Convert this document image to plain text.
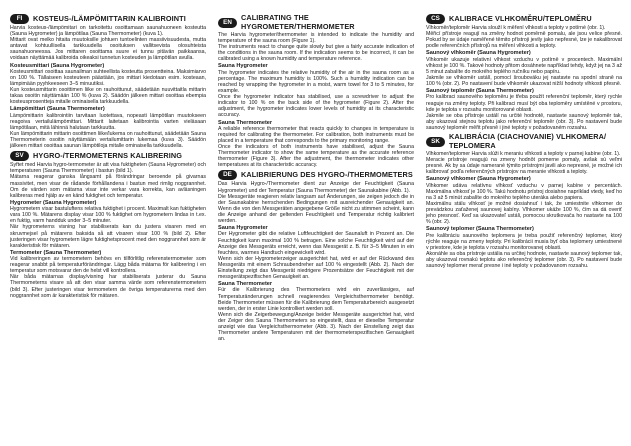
FI	KOSTEUS-/LÄMPÖMITTARIN KALIBROINTI

Harvia kosteus-/lämpömitari on tarkoitettu osoittamaan saunahuoneen kosteutta (Sauna Hygrometer) ja lämpötilaa (Sauna Thermometer) (kuva 1).

Mittarit ovat melko hitaita muutoksille johtuen tuntoelinten massiivisuudesta, mutta antavat kohtuullisella tarkkuudella osoituksen vallitsevista olosuhteista saunahuoneessa. Jos mittaren osoittama suure ei tunnu pitävän paikkaansa, voidaan näyttämää kalibroida oikeaksi tunnetun kosteuden ja lämpötilan avulla.

Kosteusmittari (Sauna Hygrometer)

Kosteusmittari osoittaa saunailman suhteellista kosteutta prosentteina. Maksimiarvo on 100 %. Tällaiseen kosteuteen päästään, jos mittari kiedotaan esim. kosteaan, lämpimään pyyhkeeseen 3–5 minuutiksi.

Kun kosteusmittarin osoittimen liike on rauhoittunut, säädetään nuuvittaitla mittarin takaa osoitin näyttämään 100 % (kuva 2). Säädön jälkeen mittari osoittaa ebempia kosteusprosentteja mitalle ominaisella tarkkuudella.

Lämpömittari (Sauna Thermometer)

Lämpömittarin kalibrointiin tarvitaan luotettava, nopeasti lämpötilan muutokseen reagoiva vertailulämpömittari. Mittarit laitetaan kalibrointia varten vieläsaan lämpötilaan, mitä lähinnä halutaan tarkkuutta.

Kun lämpömittarin mittarin osoittimen liike/lukema on rauhoittunut, säädetään Sauna Thermometerin osoitin näyttämään vertailumittarin lukemaa (kuva 3). Säädön jälkeen mittari osoittaa saunan lämpötiloja mitalle ominaisella tarkkuudella.

SV	HYGRO-/TERMOMETERNS KALIBRERING

Syftet med Harvia hygro-termometer är att visa fuktigheten (Sauna Hygrometer) och temperaturen (Sauna Thermometer) i bastun (bild 1).

Mätarna reagerar ganska långsamt på förändringar beroende på givarnas massivitet, men visar de rådande förhållandena i bastun med rimlig noggrannhet. Om de värden som mätarna visar inte verkar vara korrekta, kan avläsningen kalibreras med hjälp av en känd fuktighet och temperatur.

Hygrometer (Sauna Hygrometer)

Hygrometern visar bastuluftens relativa fuktighet i procent. Maximalt kan fuktigheten vara 100 %. Mätarens display visar 100 % fuktighet om hygrometern lindas in t.ex. en fuktig, varm handduk under 3–5 minuter.

När hygrometerns visning har stabiliserats kan du justera visaren med en skruvmejsel på mätarens baksida så att visaren visar 100 % (bild 2). Efter justeringen visar hygrometern lägre fuktighetsprocent med den noggrannhet som är karakteristisk för mätaren.

Termometer (Sauna Thermometer)

Vid kalibreringen av termometern behövs en tillförlitlig referenstermometer som reagerar snabbt på temperaturförändringar. Lägg båda mätarna för kalibrering i en temperatur som motsvarar den de helst vill kontrollera.

När båda mätarnas display/visning har stabiliserats justerar du Sauna Thermometerns visare så att den visar samma värde som referenstermometern (bild 3). Efter justeringen visar termometern de övriga temperaturerna med den noggrannhet som är karakteristisk för mätaren.

EN	CALIBRATING THE HYGROMETER/THERMOMETER

The Harvia hygrometer/thermometer is intended to indicate the humidity and temperature of the sauna room (Figure 1).

The instruments react to change quite slowly but give a fairly accurate indication of the conditions in the sauna room. If the indication seems to be incorrect, it can be calibrated using a known humidity and temperature reference.

Sauna Hygrometer

The hygrometer indicates the relative humidity of the air in the sauna room as a percentage. The maximum humidity is 100%. Such a humidity indication can be reached by wrapping the hygrometer in a moist, warm towel for 3 to 5 minutes, for example.

Once the hygrometer indicator has stabilised, use a screwdriver to adjust the indicator to 100 % on the back side of the hygrometer (Figure 2). After the adjustment, the hygrometer indicates lower levels of humidity at its characteristic accuracy.

Sauna Thermometer

A reliable reference thermometer that reacts quickly to changes in temperature is required for calibrating the thermometer. For calibration, both instruments must be placed in a temperature that corresponds to the primary monitoring range.

Once the indicators of both instruments have stabilised, adjust the Sauna Thermometer indicator to show the same temperature as the accurate reference thermometer (Figure 3). After the adjustment, the thermometer indicates other temperatures at its characteristic accuracy.

DE	KALIBRIERUNG DES HYGRO-/THERMOMETERS

Das Harvia Hygro-/Thermometer dient zur Anzeige der Feuchtigkeit (Sauna Hygrometer) und der Temperatur (Sauna Thermometer) der Saunakabine (Abb. 1).

Die Messgeräte reagieren relativ langsam auf Änderungen, sie zeigen jedoch die in der Saunakabine herrschenden Bedingungen mit ausreichender Genauigkeit an. Wenn die von den Messgeräten angegebene Größe nicht zu stimmen scheint, kann die Anzeige anhand der geltenden Feuchtigkeit und Temperatur richtig kalibriert werden.

Sauna Hygrometer

Der Hygrometer gibt die relative Luftfeuchtigkeit der Saunaluft in Prozent an. Die Feuchtigkeit kann maximal 100 % betragen. Eine solche Feuchtigkeit wird auf der Anzeige des Messgeräts erreicht, wenn das Messgerät z. B. für 3–5 Minuten in ein feuchtes, warmes Handtuch eingewickelt wird.

Wenn sich der Hygrometerzeiger ausgerichtet hat, wird er auf der Rückwand des Messgeräts mit einem Schraubendreher auf 100 % eingestellt (Abb. 2). Nach der Einstellung zeigt das Messgerät niedrigere Prozentsätze der Feuchtigkeit mit der messgerätspezifischen Genauigkeit an.

Sauna Thermometer

Für die Kalibrierung des Thermometers wird ein zuverlässiges, auf Temperaturänderungen schnell reagierendes Vergleichsthermometer benötigt. Beide Thermometer müssen für die Kalibrierung dem Temperaturbereich ausgesetzt werden, der in erster Linie kontrolliert werden soll.

Wenn sich die Zeigerbewegung/Anzeige beider Messgeräte ausgerichtet hat, wird der Zeiger des Sauna Thermometers so eingestellt, dass er dieselbe Temperatur anzeigt wie das Vergleichsthermometer (Abb. 3). Nach der Einstellung zeigt das Thermometer andere Temperaturen mit der thermometerspezifischen Genauigkeit an.

CS	KALIBRACE VLHKOMĚRU/TEPLOMĚRU

Vlhkoměr/teploměr Harvia slouží k měření vlhkosti a teploty v potírné (obr. 1).

Měřicí přístroje reagují na změny hodnot poměrně pomalu, ale jsou velice přesné. Pokud by se údaje naměřené těmito přístroji jevily jako nepřesné, lze je nakalibrovat podle referenčních přístrojů na měření vlhkosti a teploty.

Saunový vlhkoměr (Sauna Hygrometer)

Vlhkoměr ukazuje relativní vlhkost vzduchu v potírně v procentech. Maximální vlhkost je 100 %. Takové hodnoty přitom dosáhnete například tehdy, když jej na 3 až 5 minut zabalíte do mokrého teplého ručníku nebo papíru.

Jakmile se vlhkoměr ustálí, pomocí šroubováku jej nastavte na spodní straně na 100 % (obr. 2). Po nastavení bude vlhkoměr ukazovat nižší hodnoty vlhkosti přesně.

Saunový teploměr (Sauna Thermometer)

Pro kalibraci saunového teploměru je třeba použít referenční teploměr, který rychle reaguje na změny teploty. Při kalibraci musí být oba teploměry umístěné v prostoru, kde je teplota v rozsahu monitorované oblasti.

Jakmile se oba přístroje ustálí na určité hodnotě, nastavte saunový teploměr tak, aby ukazoval stejnou teplotu jako referenční teploměr (obr. 3). Po nastavení bude saunový teploměr měřit přesně i jiné teploty v požadovaném rozsahu.

SK	KALIBRÁCIA (CIACHOVANIE) VLHKOMERA/ TEPLOMERA

Vlhkomer/teplomer Harvia slúži k meraniu vlhkosti a teploty v parnej kabíne (obr. 1).

Meracie prístroje reagujú na zmeny hodnôt pomerne pomaly, avšak sú veľmi presné. Ak by sa údaje namerané týmito prístrojmi javili ako nepresné, je možné ich kalibrovať podľa referenčných prístrojov na meranie vlhkosti a teploty.

Saunový vlhkomer (Sauna Hygrometer)

Vlhkomer udáva relatívnu vlhkosť vzduchu v parnej kabíne v percentách. Maximálna vlhkosť je 100 %. Takú hodnotu prístroj dosiahne napríklad vtedy, keď ho na 3 až 5 minút zabalíte do mokrého teplého uteráka alebo papiera.

Maximálnu stálu vlhkosť je možné dosiahnuť i tak, že umiestnite vlhkomer do prevádzkou zaťaženej saunovej kabíny. Vlhkomer ukáže 100 %, čím sa dá overiť jeho presnosť. Keď sa ukazovateľ ustáli, pomocou skrutkovača ho nastavte na 100 % (obr. 2).

Saunový teplomer (Sauna Thermometer)

Pre kalibráciu saunového teplomera je treba použiť referenčný teplomer, ktorý rýchle reaguje na zmeny teploty. Pri kalibrácii musia byť oba teplomery umiestnené v priestore, kde je teplota v rozsahu monitorovanej oblasti.

Akonáhle sa oba prístroje ustália na určitej hodnote, nastavte saunový teplomer tak, aby ukazoval rovnakú teplotu ako referenčný teplomer (obr. 3). Po nastavení bude saunový teplomer merať presne i iné teploty v požadovanom rozsahu.
